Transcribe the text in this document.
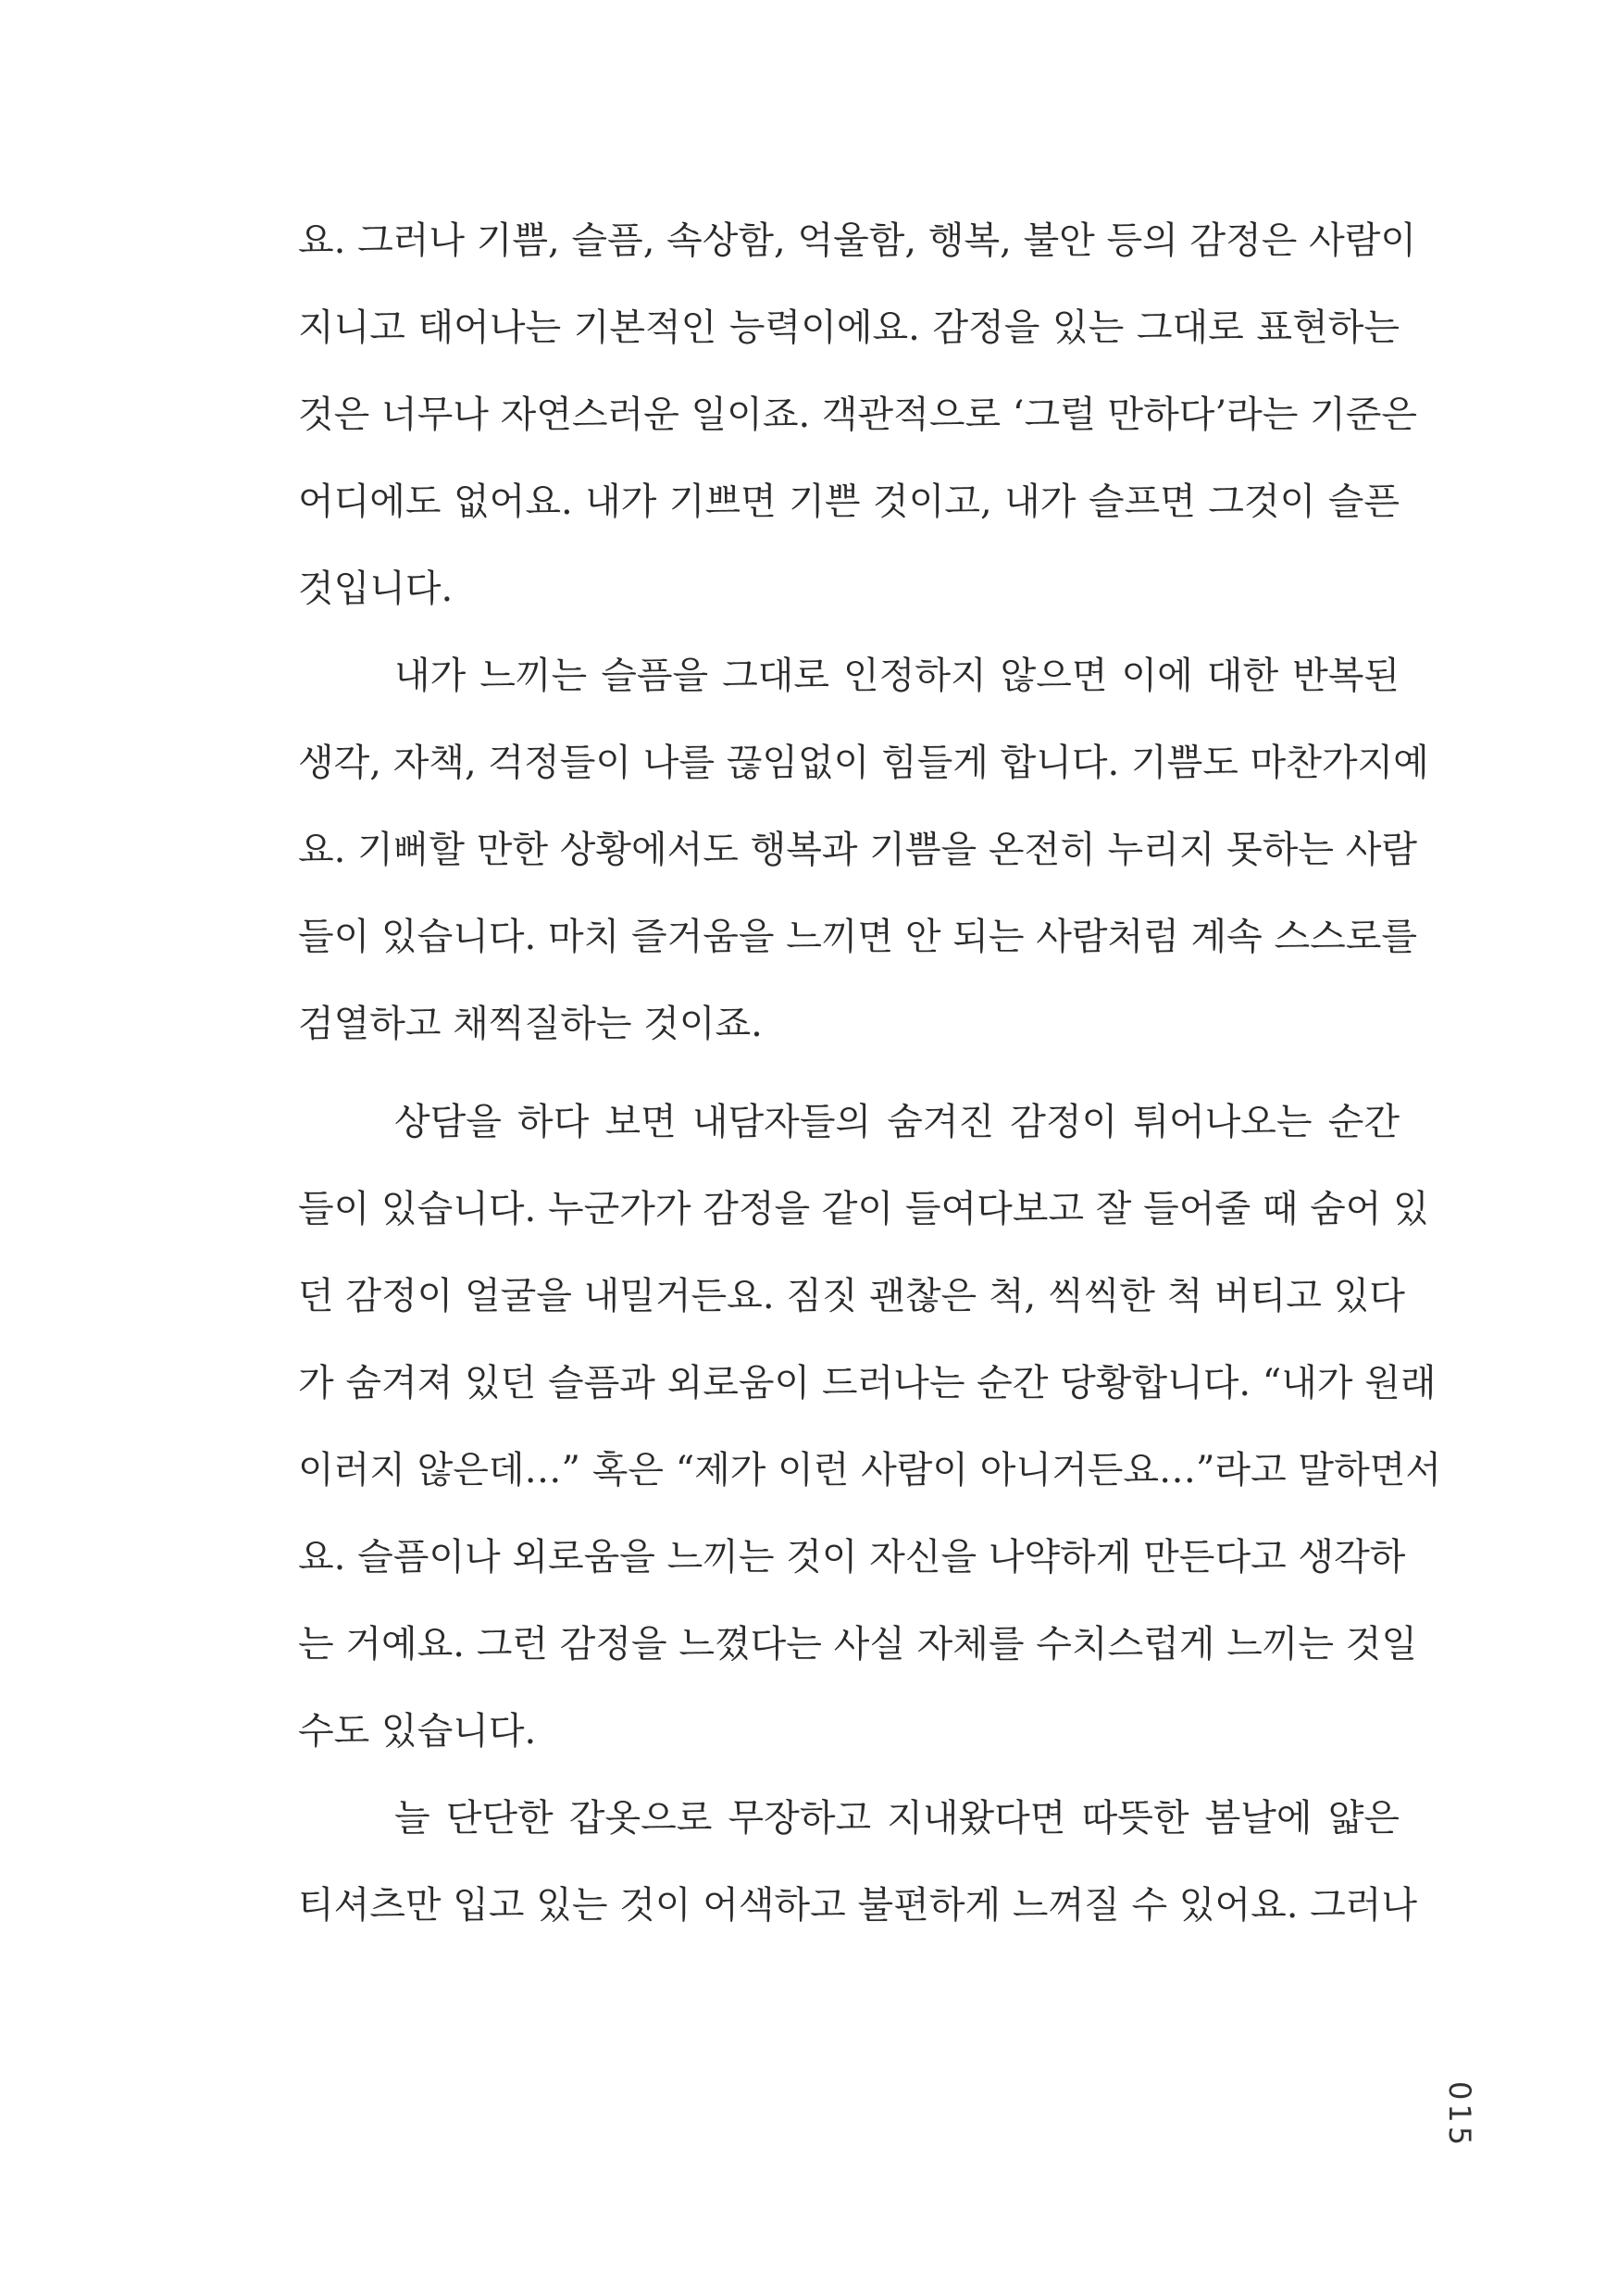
요. 그러나 기쁨, 슬픔, 속상함, 억울함, 행복, 불안 등의 감정은 사람이
지니고 태어나는 기본적인 능력이에요. 감정을 있는 그대로 표현하는
것은 너무나 자연스러운 일이죠. 객관적으로 ‘그럴 만하다’라는 기준은
어디에도 없어요. 내가 기쁘면 기쁜 것이고, 내가 슬프면 그것이 슬픈
것입니다.
내가 느끼는 슬픔을 그대로 인정하지 않으면 이에 대한 반복된
생각, 자책, 걱정들이 나를 끊임없이 힘들게 합니다. 기쁨도 마찬가지예
요. 기뻐할 만한 상황에서도 행복과 기쁨을 온전히 누리지 못하는 사람
들이 있습니다. 마치 즐거움을 느끼면 안 되는 사람처럼 계속 스스로를
검열하고 채찍질하는 것이죠.
상담을 하다 보면 내담자들의 숨겨진 감정이 튀어나오는 순간
들이 있습니다. 누군가가 감정을 같이 들여다보고 잘 들어줄 때 숨어 있
던 감정이 얼굴을 내밀거든요. 짐짓 괜찮은 척, 씩씩한 척 버티고 있다
가 숨겨져 있던 슬픔과 외로움이 드러나는 순간 당황합니다. “내가 원래
이러지 않은데…” 혹은 “제가 이런 사람이 아니거든요…”라고 말하면서
요. 슬픔이나 외로움을 느끼는 것이 자신을 나약하게 만든다고 생각하
는 거예요. 그런 감정을 느꼈다는 사실 자체를 수치스럽게 느끼는 것일
수도 있습니다.
늘 단단한 갑옷으로 무장하고 지내왔다면 따뜻한 봄날에 얇은
티셔츠만 입고 있는 것이 어색하고 불편하게 느껴질 수 있어요. 그러나
015
